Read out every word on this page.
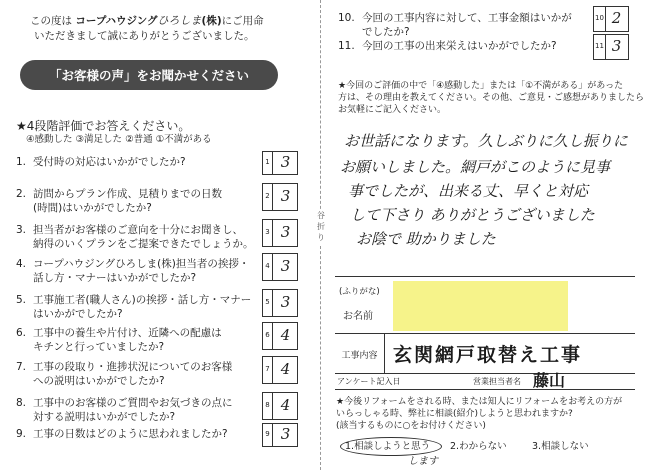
この度は コープハウジングひろしま(株)にご用命
いただきまして誠にありがとうございました。
「お客様の声」をお聞かせください
★4段階評価でお答えください。
④感動した ③満足した ②普通 ①不満がある
1. 受付時の対応はいかがでしたか?	1 3
2. 訪問からプラン作成、見積りまでの日数
(時間)はいかがでしたか?
2 3
3. 担当者がお客様のご意向を十分にお聞きし、
納得のいくプランをご提案できたでしょうか。
3 3
4. コープハウジングひろしま(株)担当者の挨拶・
話し方・マナーはいかがでしたか?
4 3
5. 工事施工者(職人さん)の挨拶・話し方・マナー
はいかがでしたか?
5 3
6. 工事中の養生や片付け、近隣への配慮は
キチンと行っていましたか?
6 4
7. 工事の段取り・進捗状況についてのお客様
への説明はいかがでしたか?
7 4
8. 工事中のお客様のご質問やお気づきの点に
対する説明はいかがでしたか?
8 4
9. 工事の日数はどのように思われましたか?	9 3
10. 今回の工事内容に対して、工事金額はいかが
でしたか?
10 2
11. 今回の工事の出来栄えはいかがでしたか?	11 3
谷
折
り
★今回のご評価の中で「④感動した」または「①不満がある」があった
方は、その理由を教えてください。その他、ご意見・ご感想がありましたら
お気軽にご記入ください。
お世話になります。久しぶりに久し振りに
お願いしました。網戸がこのように見事
事でしたが、出来る丈、早くと対応
して下さり ありがとうございました
お陰で 助かりました
(ふりがな)
お名前
工事内容 玄関網戸取替え工事
アンケート記入日	営業担当者名 藤山
★今後リフォームをされる時、または知人にリフォームをお考えの方が
いらっしゃる時、弊社に相談(紹介)しようと思われますか?
(該当するものに○をお付けください)
1.相談しようと思う 2.わからない	3.相談しない
します
